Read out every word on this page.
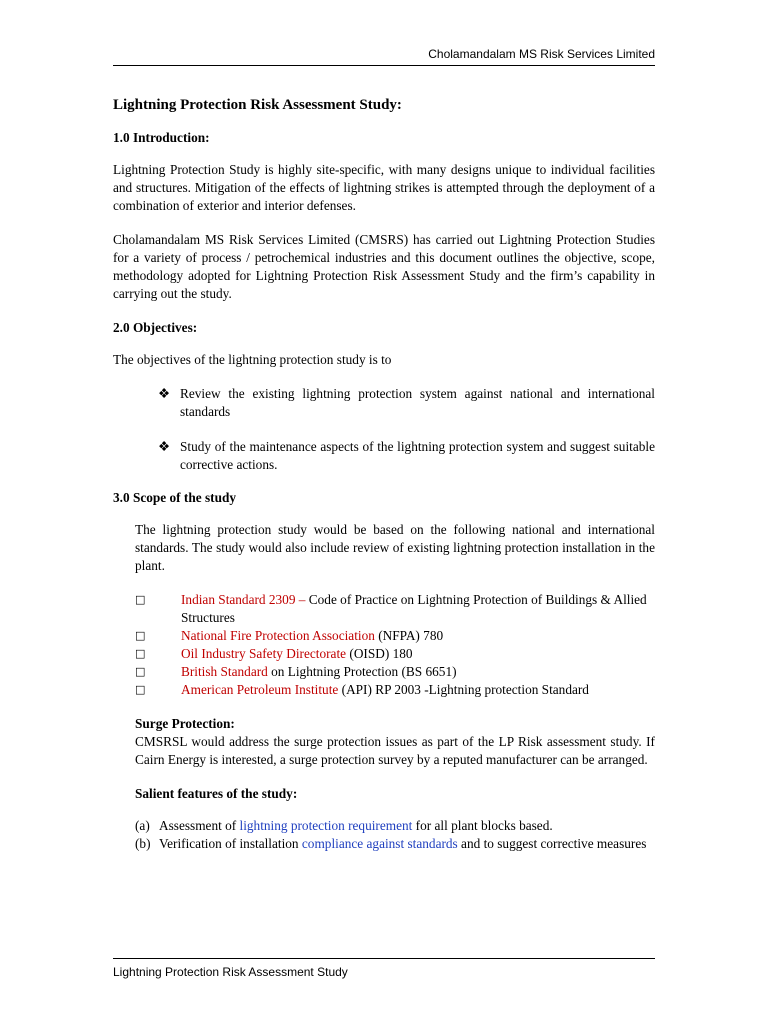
Cholamandalam MS Risk Services Limited
Lightning Protection Risk Assessment Study:
1.0 Introduction:
Lightning Protection Study is highly site-specific, with many designs unique to individual facilities and structures. Mitigation of the effects of lightning strikes is attempted through the deployment of a combination of exterior and interior defenses.
Cholamandalam MS Risk Services Limited (CMSRS) has carried out Lightning Protection Studies for a variety of process / petrochemical industries and this document outlines the objective, scope, methodology adopted for Lightning Protection Risk Assessment Study and the firm’s capability in carrying out the study.
2.0 Objectives:
The objectives of the lightning protection study is to
❖ Review the existing lightning protection system against national and international standards
❖ Study of the maintenance aspects of the lightning protection system and suggest suitable corrective actions.
3.0 Scope of the study
The lightning protection study would be based on the following national and international standards. The study would also include review of existing lightning protection installation in the plant.
□	Indian Standard 2309 – Code of Practice on Lightning Protection of Buildings & Allied Structures
□	National Fire Protection Association (NFPA) 780
□	Oil Industry Safety Directorate (OISD) 180
□	British Standard on Lightning Protection (BS 6651)
□	American Petroleum Institute (API) RP 2003 -Lightning protection Standard
Surge Protection:
CMSRSL would address the surge protection issues as part of the LP Risk assessment study. If Cairn Energy is interested, a surge protection survey by a reputed manufacturer can be arranged.
Salient features of the study:
(a) Assessment of lightning protection requirement for all plant blocks based.
(b) Verification of installation compliance against standards and to suggest corrective measures
Lightning Protection Risk Assessment Study
